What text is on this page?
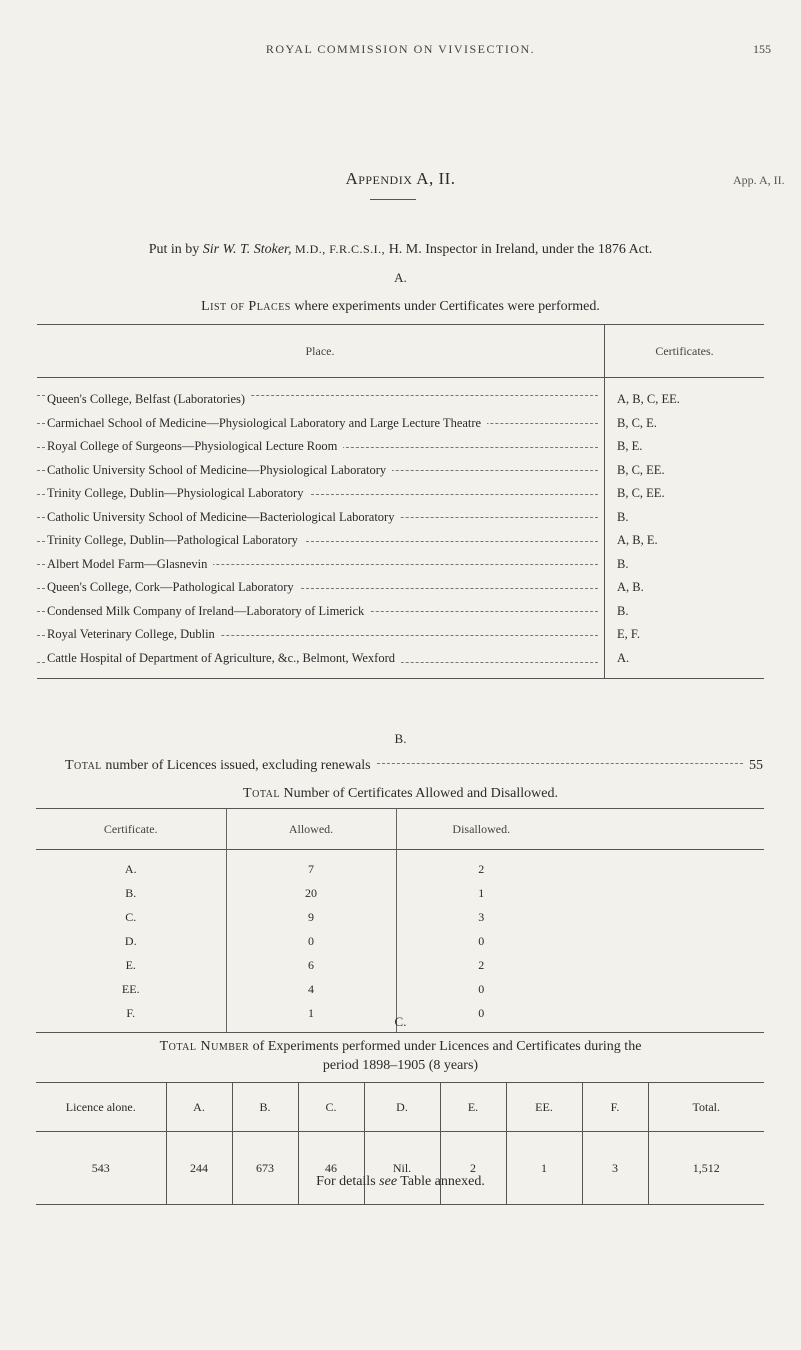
ROYAL COMMISSION ON VIVISECTION.	155
Appendix A, II.	App. A, II.
Put in by Sir W. T. Stoker, M.D., F.R.C.S.I., H. M. Inspector in Ireland, under the 1876 Act.
A.
List of Places where experiments under Certificates were performed.
Place.	Certificates.

Queen's College, Belfast (Laboratories)	A, B, C, EE.

Carmichael School of Medicine—Physiological Laboratory and Large Lecture Theatre	B, C, E.

Royal College of Surgeons—Physiological Lecture Room	B, E.

Catholic University School of Medicine—Physiological Laboratory	B, C, EE.

Trinity College, Dublin—Physiological Laboratory	B, C, EE.

Catholic University School of Medicine—Bacteriological Laboratory	B.

Trinity College, Dublin—Pathological Laboratory	A, B, E.

Albert Model Farm—Glasnevin	B.

Queen's College, Cork—Pathological Laboratory	A, B.

Condensed Milk Company of Ireland—Laboratory of Limerick	B.

Royal Veterinary College, Dublin	E, F.

Cattle Hospital of Department of Agriculture, &c., Belmont, Wexford	A.
B.
Total number of Licences issued, excluding renewals	55
Total Number of Certificates Allowed and Disallowed.
Certificate.	Allowed.	Disallowed.	
A.	7	2	
B.	20	1	
C.	9	3	
D.	0	0	
E.	6	2	
EE.	4	0	
F.	1	0	
C.
Total Number of Experiments performed under Licences and Certificates during the
period 1898–1905 (8 years)
Licence alone.	A.	B.	C.	D.	E.	EE.	F.	Total.
543	244	673	46	Nil.	2	1	3	1,512
For details see Table annexed.
